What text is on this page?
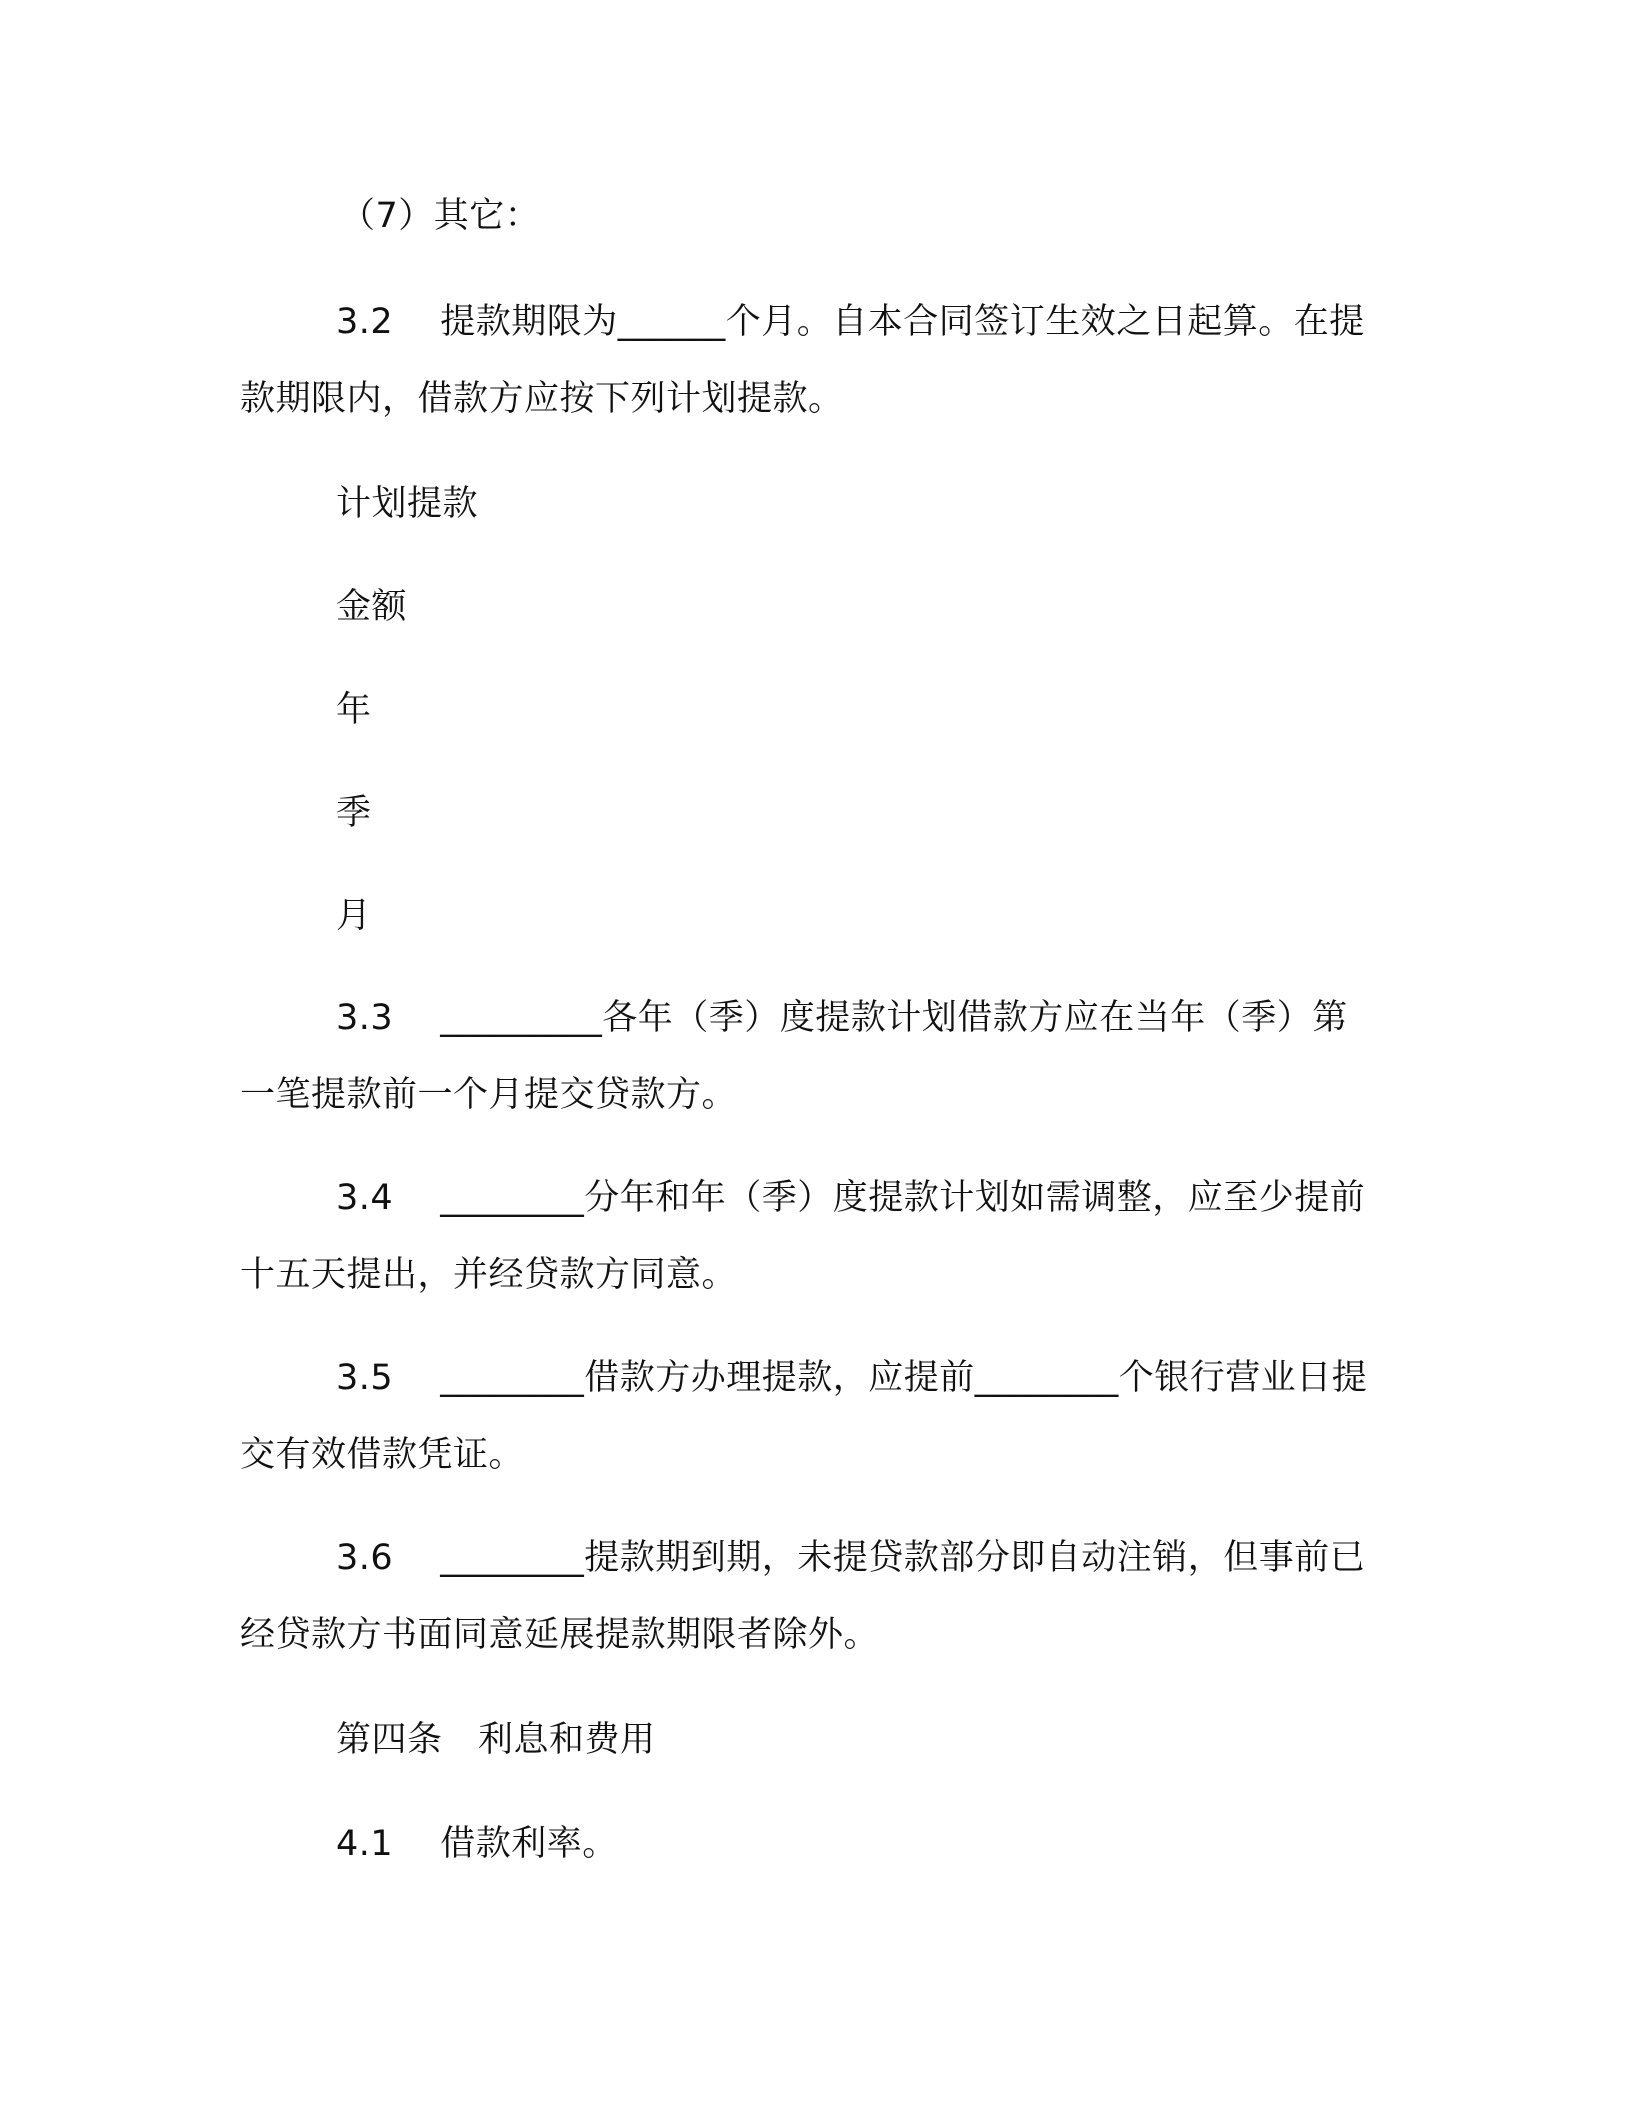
（7）其它：
3.2　 提款期限为______个月。自本合同签订生效之日起算。在提款期限内，借款方应按下列计划提款。
计划提款
金额
年
季
月
3.3　 _________各年（季）度提款计划借款方应在当年（季）第一笔提款前一个月提交贷款方。
3.4　 ________分年和年（季）度提款计划如需调整，应至少提前十五天提出，并经贷款方同意。
3.5　 ________借款方办理提款，应提前________个银行营业日提交有效借款凭证。
3.6　 ________提款期到期，未提贷款部分即自动注销，但事前已经贷款方书面同意延展提款期限者除外。
第四条　利息和费用
4.1　 借款利率。
